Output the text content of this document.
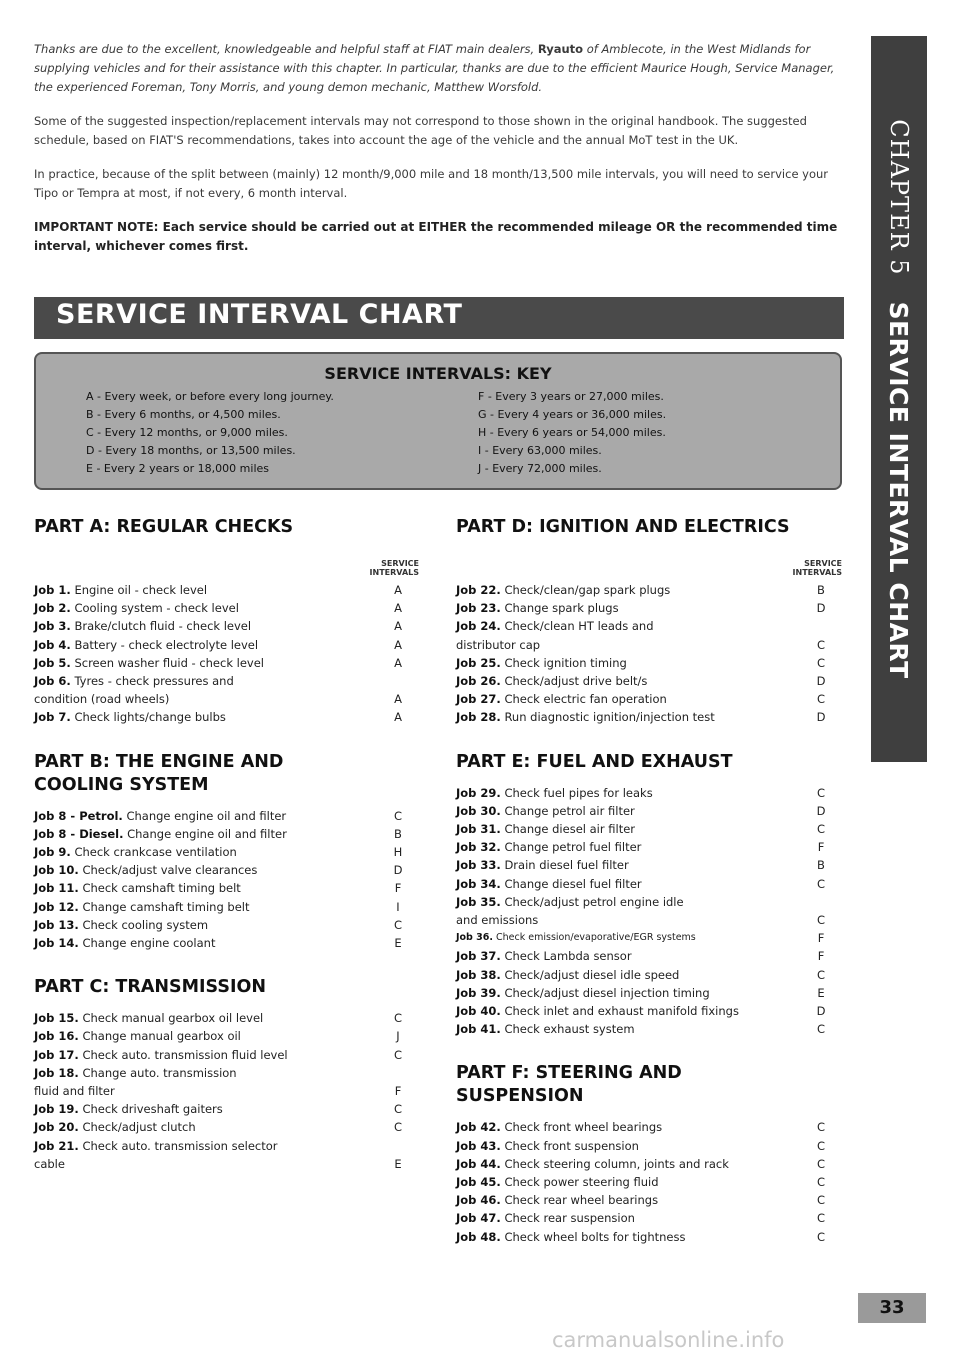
Thanks are due to the excellent, knowledgeable and helpful staff at FIAT main dealers, Ryauto of Amblecote, in the West Midlands for supplying vehicles and for their assistance with this chapter. In particular, thanks are due to the efficient Maurice Hough, Service Manager, the experienced Foreman, Tony Morris, and young demon mechanic, Matthew Worsfold.

Some of the suggested inspection/replacement intervals may not correspond to those shown in the original handbook. The suggested schedule, based on FIAT'S recommendations, takes into account the age of the vehicle and the annual MoT test in the UK.

In practice, because of the split between (mainly) 12 month/9,000 mile and 18 month/13,500 mile intervals, you will need to service your Tipo or Tempra at most, if not every, 6 month interval.

IMPORTANT NOTE: Each service should be carried out at EITHER the recommended mileage OR the recommended time interval, whichever comes first.

SERVICE INTERVAL CHART
SERVICE INTERVALS: KEY
A - Every week, or before every long journey.
B - Every 6 months, or 4,500 miles.
C - Every 12 months, or 9,000 miles.
D - Every 18 months, or 13,500 miles.
E - Every 2 years or 18,000 miles
F - Every 3 years or 27,000 miles.
G - Every 4 years or 36,000 miles.
H - Every 6 years or 54,000 miles.
I - Every 63,000 miles.
J - Every 72,000 miles.
PART A: REGULAR CHECKS
SERVICE
INTERVALS
Job 1. Engine oil - check level	A
Job 2. Cooling system - check level	A
Job 3. Brake/clutch fluid - check level	A
Job 4. Battery - check electrolyte level	A
Job 5. Screen washer fluid - check level	A
Job 6. Tyres - check pressures and
condition (road wheels)	A
Job 7. Check lights/change bulbs	A
PART B: THE ENGINE AND
COOLING SYSTEM
Job 8 - Petrol. Change engine oil and filter	C
Job 8 - Diesel. Change engine oil and filter	B
Job 9. Check crankcase ventilation	H
Job 10. Check/adjust valve clearances	D
Job 11. Check camshaft timing belt	F
Job 12. Change camshaft timing belt	I
Job 13. Check cooling system	C
Job 14. Change engine coolant	E
PART C: TRANSMISSION
Job 15. Check manual gearbox oil level	C
Job 16. Change manual gearbox oil	J
Job 17. Check auto. transmission fluid level	C
Job 18. Change auto. transmission
fluid and filter	F
Job 19. Check driveshaft gaiters	C
Job 20. Check/adjust clutch	C
Job 21. Check auto. transmission selector
cable	E
PART D: IGNITION AND ELECTRICS
SERVICE
INTERVALS
Job 22. Check/clean/gap spark plugs	B
Job 23. Change spark plugs	D
Job 24. Check/clean HT leads and
distributor cap	C
Job 25. Check ignition timing	C
Job 26. Check/adjust drive belt/s	D
Job 27. Check electric fan operation	C
Job 28. Run diagnostic ignition/injection test	D
PART E: FUEL AND EXHAUST
Job 29. Check fuel pipes for leaks	C
Job 30. Change petrol air filter	D
Job 31. Change diesel air filter	C
Job 32. Change petrol fuel filter	F
Job 33. Drain diesel fuel filter	B
Job 34. Change diesel fuel filter	C
Job 35. Check/adjust petrol engine idle
and emissions	C
Job 36. Check emission/evaporative/EGR systems	F
Job 37. Check Lambda sensor	F
Job 38. Check/adjust diesel idle speed	C
Job 39. Check/adjust diesel injection timing	E
Job 40. Check inlet and exhaust manifold fixings	D
Job 41. Check exhaust system	C
PART F: STEERING AND
SUSPENSION
Job 42. Check front wheel bearings	C
Job 43. Check front suspension	C
Job 44. Check steering column, joints and rack	C
Job 45. Check power steering fluid	C
Job 46. Check rear wheel bearings	C
Job 47. Check rear suspension	C
Job 48. Check wheel bolts for tightness	C
CHAPTER 5
SERVICE INTERVAL CHART
33
carmanualsonline.info
